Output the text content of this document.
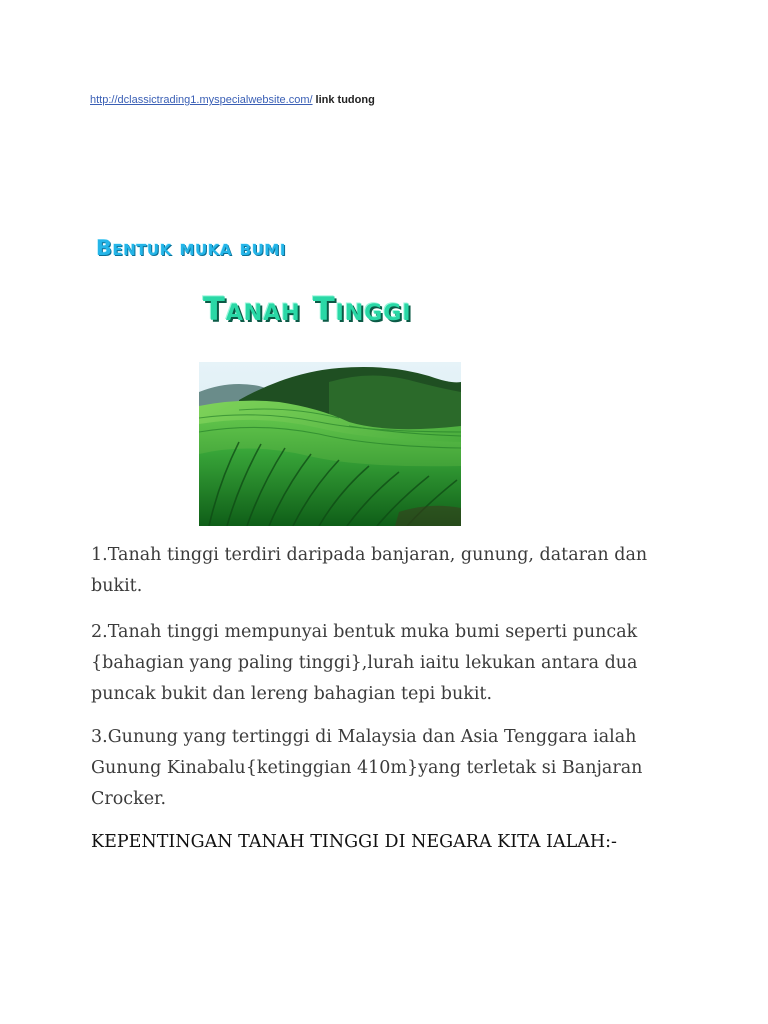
http://dclassictrading1.myspecialwebsite.com/ link tudong
Bentuk muka bumi
Tanah Tinggi
1.Tanah tinggi terdiri daripada banjaran, gunung, dataran dan bukit.
2.Tanah tinggi mempunyai bentuk muka bumi seperti puncak {bahagian yang paling tinggi},lurah iaitu lekukan antara dua puncak bukit dan lereng bahagian tepi bukit.
3.Gunung yang tertinggi di Malaysia dan Asia Tenggara ialah Gunung Kinabalu{ketinggian 410m}yang terletak si Banjaran Crocker.
KEPENTINGAN TANAH TINGGI DI NEGARA KITA IALAH:-
